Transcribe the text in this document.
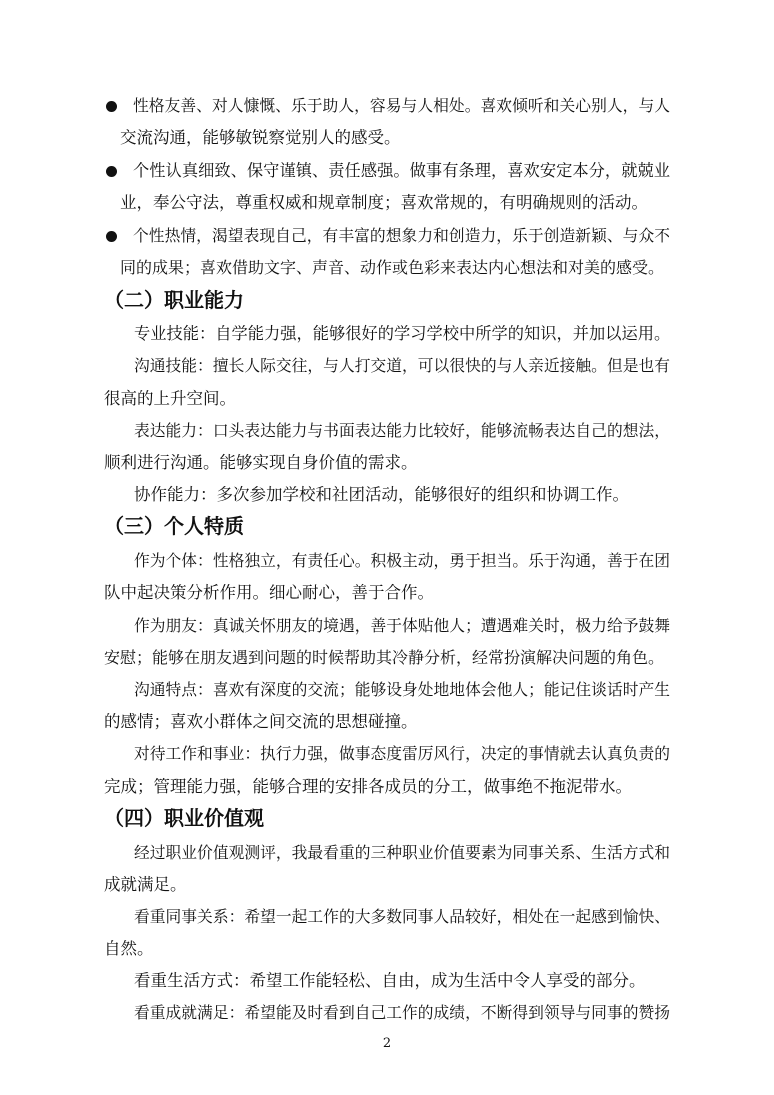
性格友善、对人慷慨、乐于助人，容易与人相处。喜欢倾听和关心别人，与人
交流沟通，能够敏锐察觉别人的感受。
个性认真细致、保守谨镇、责任感强。做事有条理，喜欢安定本分，就兢业
业，奉公守法，尊重权威和规章制度；喜欢常规的，有明确规则的活动。
个性热情，渴望表现自己，有丰富的想象力和创造力，乐于创造新颖、与众不
同的成果；喜欢借助文字、声音、动作或色彩来表达内心想法和对美的感受。
（二）职业能力
专业技能：自学能力强，能够很好的学习学校中所学的知识，并加以运用。
沟通技能：擅长人际交往，与人打交道，可以很快的与人亲近接触。但是也有
很高的上升空间。
表达能力：口头表达能力与书面表达能力比较好，能够流畅表达自己的想法，
顺利进行沟通。能够实现自身价值的需求。
协作能力：多次参加学校和社团活动，能够很好的组织和协调工作。
（三）个人特质
作为个体：性格独立，有责任心。积极主动，勇于担当。乐于沟通，善于在团
队中起决策分析作用。细心耐心，善于合作。
作为朋友：真诚关怀朋友的境遇，善于体贴他人；遭遇难关时，极力给予鼓舞
安慰；能够在朋友遇到问题的时候帮助其冷静分析，经常扮演解决问题的角色。
沟通特点：喜欢有深度的交流；能够设身处地地体会他人；能记住谈话时产生
的感情；喜欢小群体之间交流的思想碰撞。
对待工作和事业：执行力强，做事态度雷厉风行，决定的事情就去认真负责的
完成；管理能力强，能够合理的安排各成员的分工，做事绝不拖泥带水。
（四）职业价值观
经过职业价值观测评，我最看重的三种职业价值要素为同事关系、生活方式和
成就满足。
看重同事关系：希望一起工作的大多数同事人品较好，相处在一起感到愉快、
自然。
看重生活方式：希望工作能轻松、自由，成为生活中令人享受的部分。
看重成就满足：希望能及时看到自己工作的成绩，不断得到领导与同事的赞扬
2
